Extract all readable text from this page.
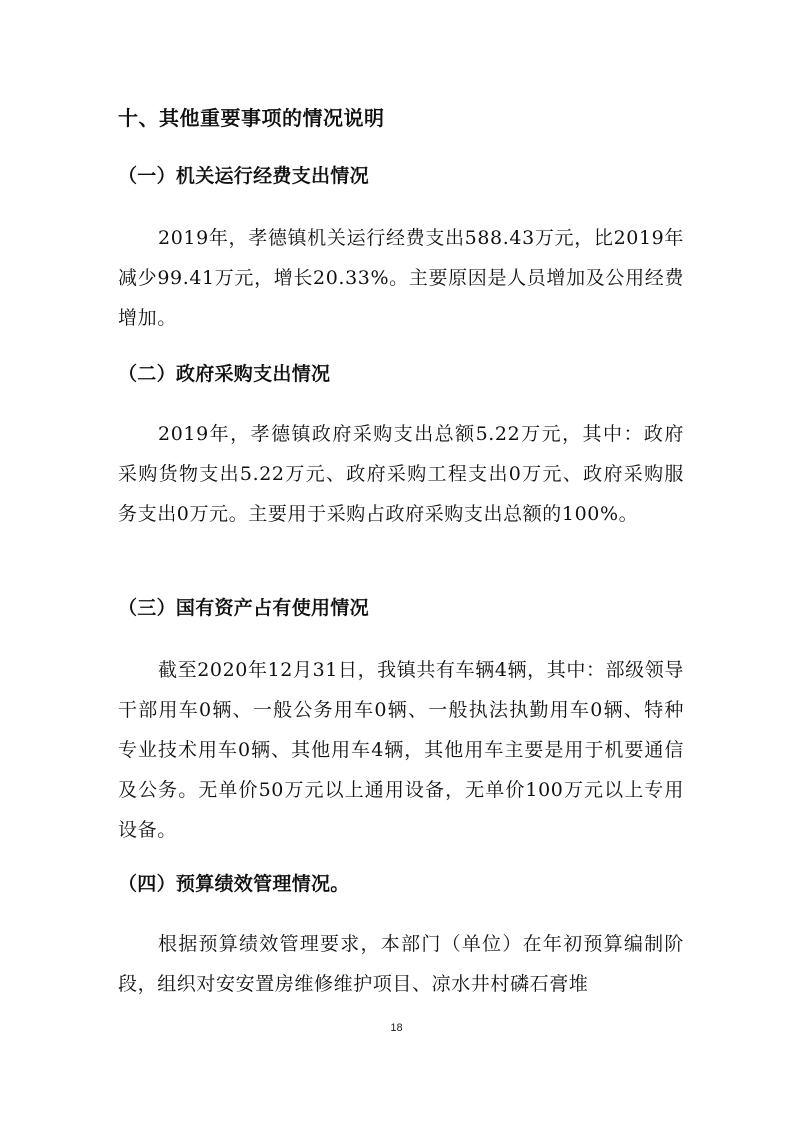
十、其他重要事项的情况说明
（一）机关运行经费支出情况
2019年，孝德镇机关运行经费支出588.43万元，比2019年减少99.41万元，增长20.33%。主要原因是人员增加及公用经费增加。
（二）政府采购支出情况
2019年，孝德镇政府采购支出总额5.22万元，其中：政府采购货物支出5.22万元、政府采购工程支出0万元、政府采购服务支出0万元。主要用于采购占政府采购支出总额的100%。
（三）国有资产占有使用情况
截至2020年12月31日，我镇共有车辆4辆，其中：部级领导干部用车0辆、一般公务用车0辆、一般执法执勤用车0辆、特种专业技术用车0辆、其他用车4辆，其他用车主要是用于机要通信及公务。无单价50万元以上通用设备，无单价100万元以上专用设备。
（四）预算绩效管理情况。
根据预算绩效管理要求，本部门（单位）在年初预算编制阶段，组织对安安置房维修维护项目、凉水井村磷石膏堆
18
